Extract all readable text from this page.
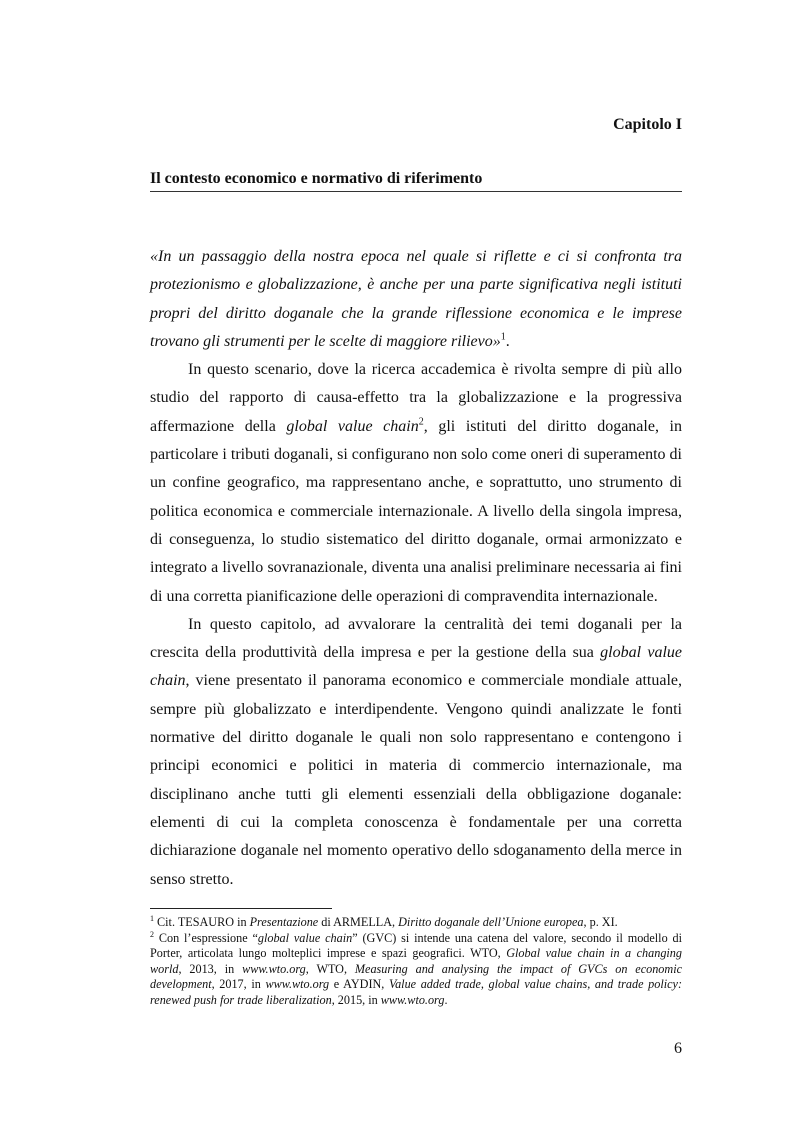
Capitolo I
Il contesto economico e normativo di riferimento

«In un passaggio della nostra epoca nel quale si riflette e ci si confronta tra protezionismo e globalizzazione, è anche per una parte significativa negli istituti propri del diritto doganale che la grande riflessione economica e le imprese trovano gli strumenti per le scelte di maggiore rilievo»$^1$.

In questo scenario, dove la ricerca accademica è rivolta sempre di più allo studio del rapporto di causa-effetto tra la globalizzazione e la progressiva affermazione della global value chain$^2$, gli istituti del diritto doganale, in particolare i tributi doganali, si configurano non solo come oneri di superamento di un confine geografico, ma rappresentano anche, e soprattutto, uno strumento di politica economica e commerciale internazionale. A livello della singola impresa, di conseguenza, lo studio sistematico del diritto doganale, ormai armonizzato e integrato a livello sovranazionale, diventa una analisi preliminare necessaria ai fini di una corretta pianificazione delle operazioni di compravendita internazionale.

In questo capitolo, ad avvalorare la centralità dei temi doganali per la crescita della produttività della impresa e per la gestione della sua global value chain, viene presentato il panorama economico e commerciale mondiale attuale, sempre più globalizzato e interdipendente. Vengono quindi analizzate le fonti normative del diritto doganale le quali non solo rappresentano e contengono i principi economici e politici in materia di commercio internazionale, ma disciplinano anche tutti gli elementi essenziali della obbligazione doganale: elementi di cui la completa conoscenza è fondamentale per una corretta dichiarazione doganale nel momento operativo dello sdoganamento della merce in senso stretto.

$^1$ Cit. TESAURO in Presentazione di ARMELLA, Diritto doganale dell’Unione europea, p. XI.

$^2$ Con l’espressione “global value chain” (GVC) si intende una catena del valore, secondo il modello di Porter, articolata lungo molteplici imprese e spazi geografici. WTO, Global value chain in a changing world, 2013, in www.wto.org, WTO, Measuring and analysing the impact of GVCs on economic development, 2017, in www.wto.org e AYDIN, Value added trade, global value chains, and trade policy: renewed push for trade liberalization, 2015, in www.wto.org.

6
